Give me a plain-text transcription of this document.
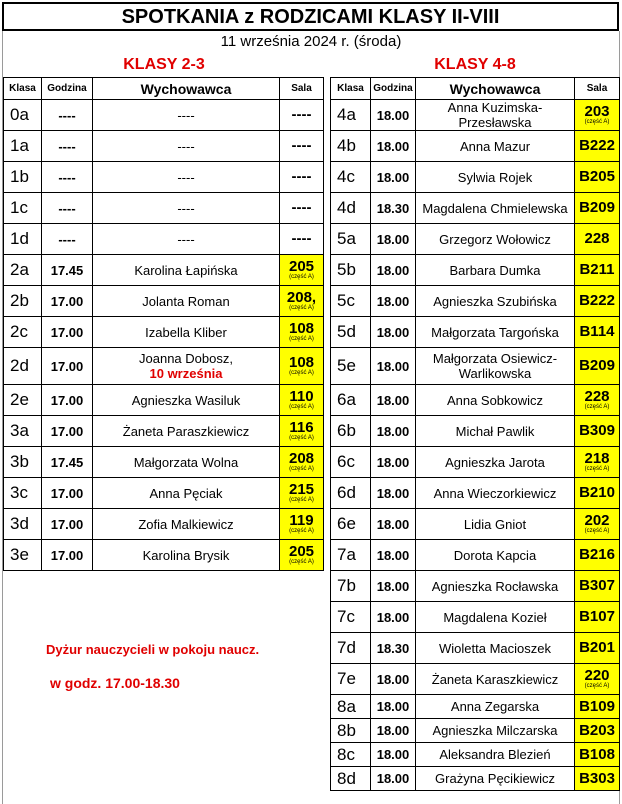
SPOTKANIA z RODZICAMI KLASY II-VIII
11 września 2024 r. (środa)
KLASY 2-3	KLASY 4-8
Klasa	Godzina	Wychowawca	Sala
0a	----	----	----
1a	----	----	----
1b	----	----	----
1c	----	----	----
1d	----	----	----
2a	17.45	Karolina Łapińska	205
(część A)

2b	17.00	Jolanta Roman	208,
(część A)

2c	17.00	Izabella Kliber	108
(część A)

2d	17.00	Joanna Dobosz,
10 września	108
(część A)

2e	17.00	Agnieszka Wasiluk	110
(część A)

3a	17.00	Żaneta Paraszkiewicz	116
(część A)

3b	17.45	Małgorzata Wolna	208
(część A)

3c	17.00	Anna Pęciak	215
(część A)

3d	17.00	Zofia Malkiewicz	119
(część A)

3e	17.00	Karolina Brysik	205
(część A)
Klasa	Godzina	Wychowawca	Sala
4a	18.00	Anna Kuzimska-Przesławska	203
(część A)

4b	18.00	Anna Mazur	B222
4c	18.00	Sylwia Rojek	B205
4d	18.30	Magdalena Chmielewska	B209
5a	18.00	Grzegorz Wołowicz	228
5b	18.00	Barbara Dumka	B211
5c	18.00	Agnieszka Szubińska	B222
5d	18.00	Małgorzata Targońska	B114
5e	18.00	Małgorzata Osiewicz-Warlikowska	B209
6a	18.00	Anna Sobkowicz	228
(część A)

6b	18.00	Michał Pawlik	B309
6c	18.00	Agnieszka Jarota	218
(część A)

6d	18.00	Anna Wieczorkiewicz	B210
6e	18.00	Lidia Gniot	202
(część A)

7a	18.00	Dorota Kapcia	B216
7b	18.00	Agnieszka Rocławska	B307
7c	18.00	Magdalena Kozieł	B107
7d	18.30	Wioletta Macioszek	B201
7e	18.00	Żaneta Karaszkiewicz	220
(część A)

8a	18.00	Anna Zegarska	B109
8b	18.00	Agnieszka Milczarska	B203
8c	18.00	Aleksandra Blezień	B108
8d	18.00	Grażyna Pęcikiewicz	B303
Dyżur nauczycieli w pokoju naucz.
w godz. 17.00-18.30
